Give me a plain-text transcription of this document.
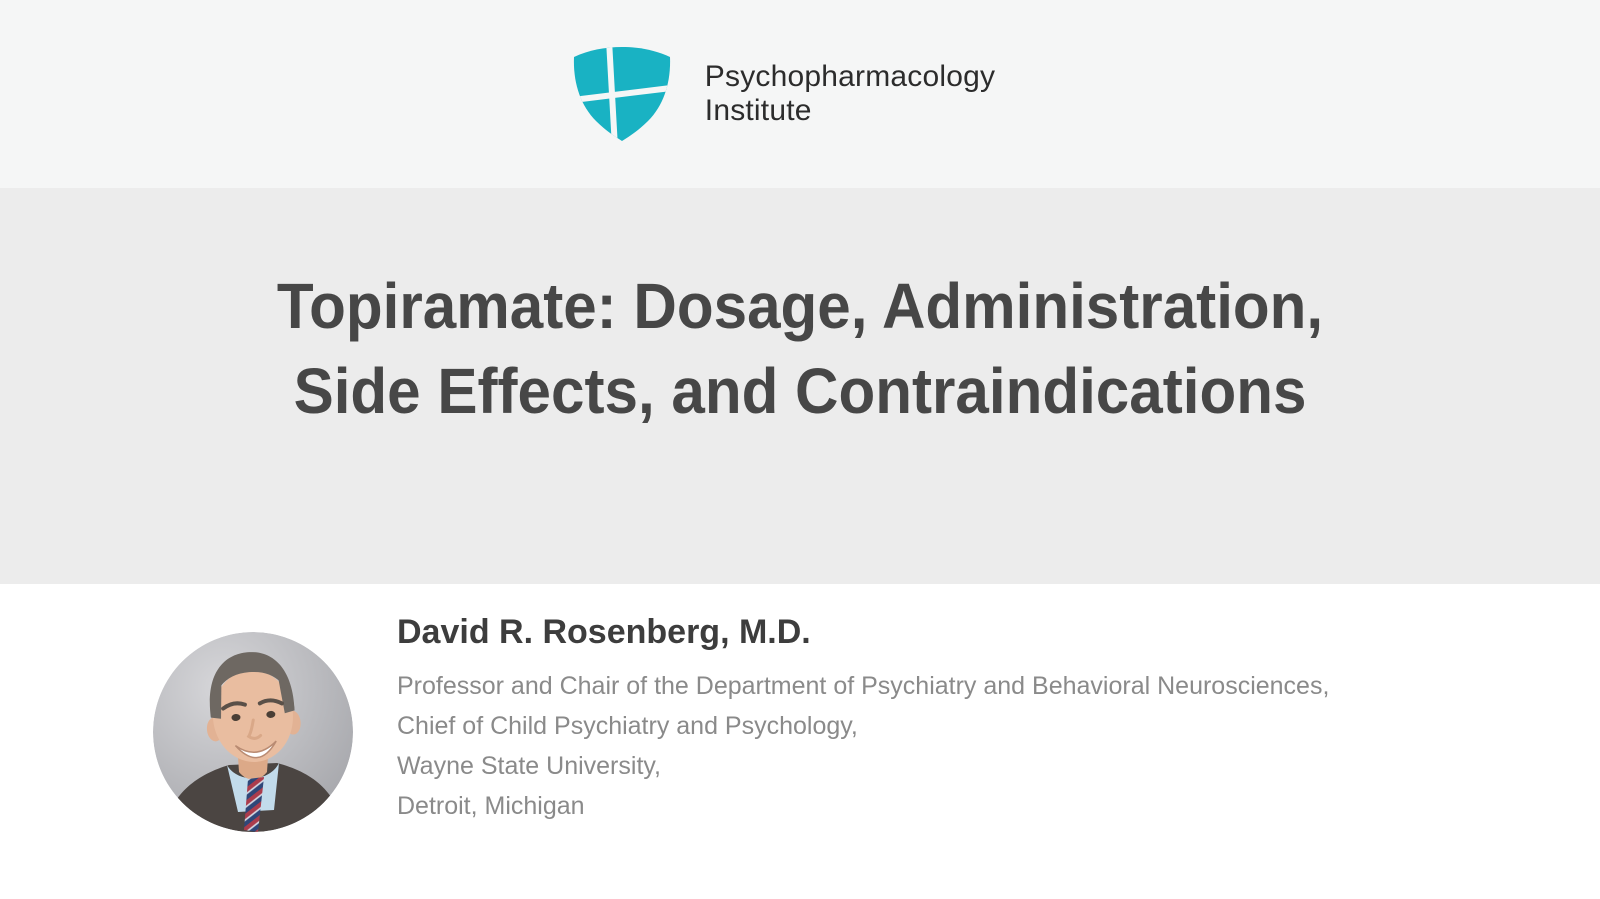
Psychopharmacology
Institute
Topiramate: Dosage, Administration,
Side Effects, and Contraindications
David R. Rosenberg, M.D.
Professor and Chair of the Department of Psychiatry and Behavioral Neurosciences,
Chief of Child Psychiatry and Psychology,
Wayne State University,
Detroit, Michigan
